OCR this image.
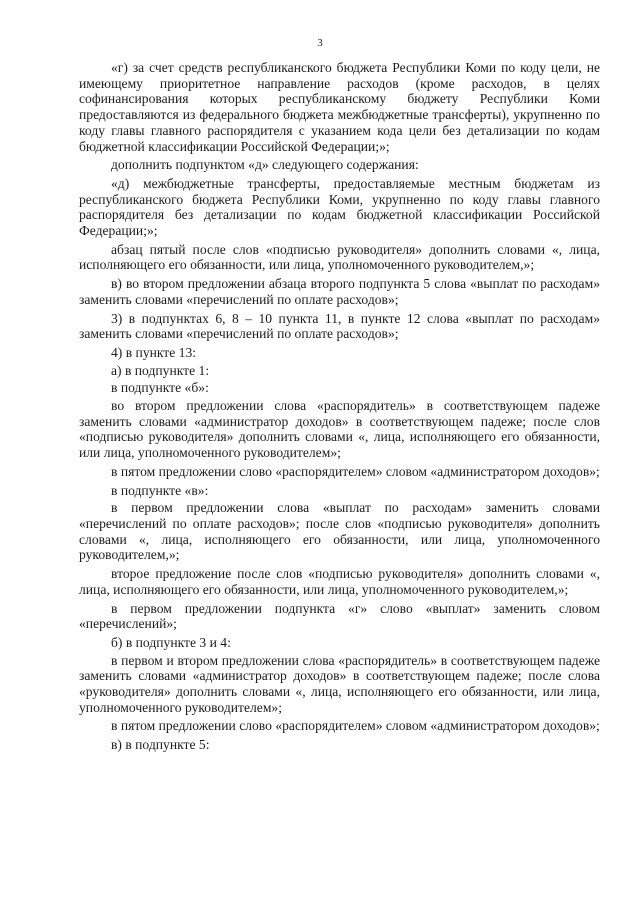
3

«г) за счет средств республиканского бюджета Республики Коми по коду цели, не имеющему приоритетное направление расходов (кроме расходов, в целях софинансирования которых республиканскому бюджету Республики Коми предоставляются из федерального бюджета межбюджетные трансферты), укрупненно по коду главы главного распорядителя с указанием кода цели без детализации по кодам бюджетной классификации Российской Федерации;»;

дополнить подпунктом «д» следующего содержания:

«д) межбюджетные трансферты, предоставляемые местным бюджетам из республиканского бюджета Республики Коми, укрупненно по коду главы главного распорядителя без детализации по кодам бюджетной классификации Российской Федерации;»;

абзац пятый после слов «подписью руководителя» дополнить словами «, лица, исполняющего его обязанности, или лица, уполномоченного руководителем,»;

в) во втором предложении абзаца второго подпункта 5 слова «выплат по расходам» заменить словами «перечислений по оплате расходов»;

3) в подпунктах 6, 8 – 10 пункта 11, в пункте 12 слова «выплат по расходам» заменить словами «перечислений по оплате расходов»;

4) в пункте 13:

а) в подпункте 1:

в подпункте «б»:

во втором предложении слова «распорядитель» в соответствующем падеже заменить словами «администратор доходов» в соответствующем падеже; после слов «подписью руководителя» дополнить словами «, лица, исполняющего его обязанности, или лица, уполномоченного руководителем»;

в пятом предложении слово «распорядителем» словом «администратором доходов»;

в подпункте «в»:

в первом предложении слова «выплат по расходам» заменить словами «перечислений по оплате расходов»; после слов «подписью руководителя» дополнить словами «, лица, исполняющего его обязанности, или лица, уполномоченного руководителем,»;

второе предложение после слов «подписью руководителя» дополнить словами «, лица, исполняющего его обязанности, или лица, уполномоченного руководителем,»;

в первом предложении подпункта «г» слово «выплат» заменить словом «перечислений»;

б) в подпункте 3 и 4:

в первом и втором предложении слова «распорядитель» в соответствующем падеже заменить словами «администратор доходов» в соответствующем падеже; после слова «руководителя» дополнить словами «, лица, исполняющего его обязанности, или лица, уполномоченного руководителем»;

в пятом предложении слово «распорядителем» словом «администратором доходов»;

в) в подпункте 5:
